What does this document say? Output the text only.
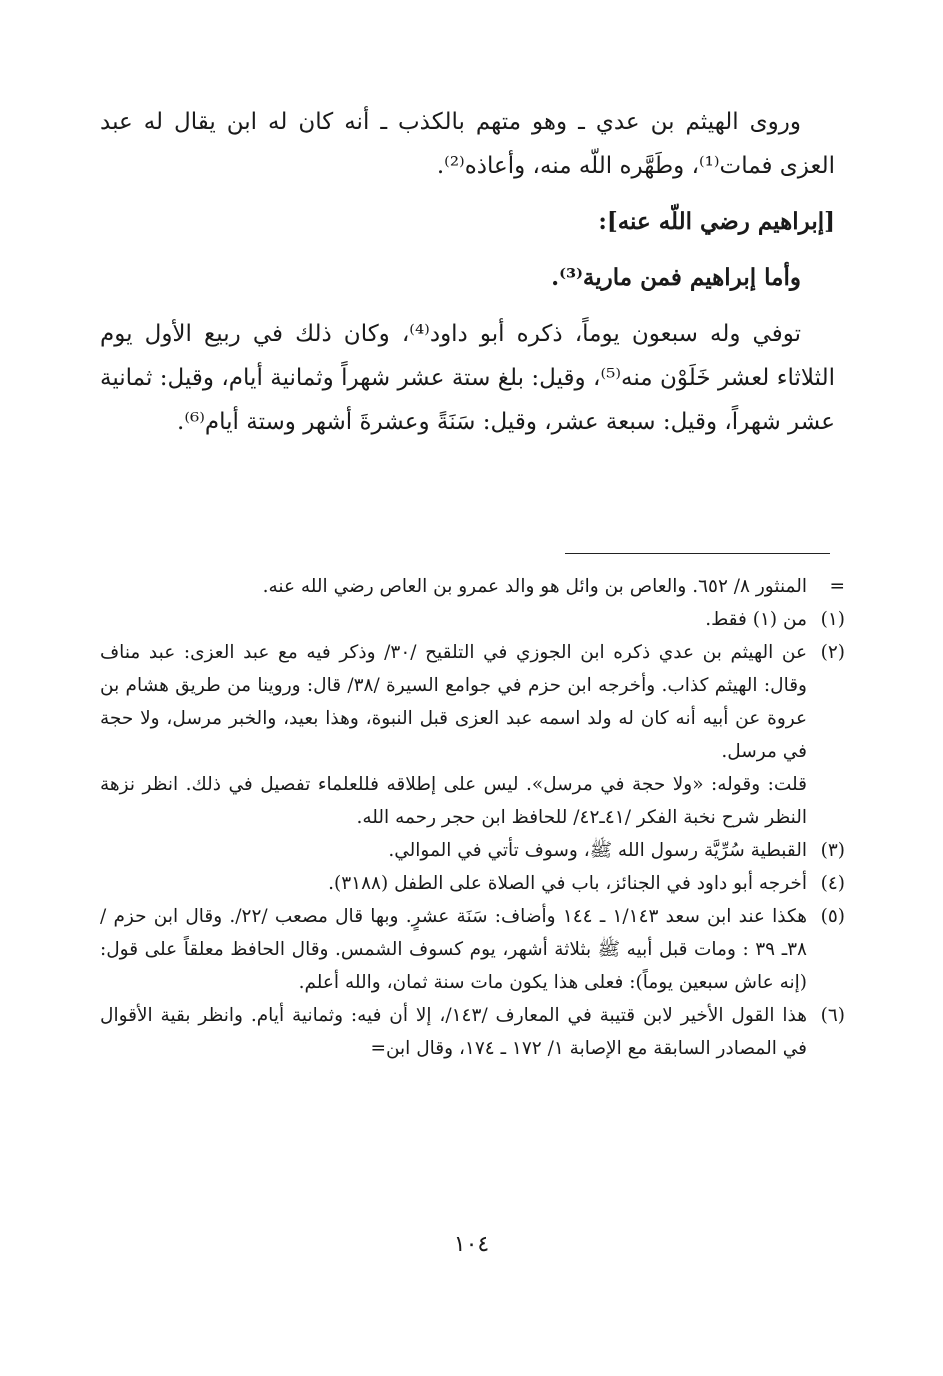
وروى الهيثم بن عدي ـ وهو متهم بالكذب ـ أنه كان له ابن يقال له عبد العزى فمات⁽¹⁾، وطَهَّره اللّه منه، وأعاذه⁽²⁾.

[إبراهيم رضي اللّه عنه]:

وأما إبراهيم فمن مارية⁽³⁾.

توفي وله سبعون يوماً، ذكره أبو داود⁽⁴⁾، وكان ذلك في ربيع الأول يوم الثلاثاء لعشر خَلَوْن منه⁽⁵⁾، وقيل: بلغ ستة عشر شهراً وثمانية أيام، وقيل: ثمانية عشر شهراً، وقيل: سبعة عشر، وقيل: سَنَةً وعشرةَ أشهر وستة أيام⁽⁶⁾.

=

المنثور ٨/ ٦٥٢. والعاص بن وائل هو والد عمرو بن العاص رضي الله عنه.

(١)

من (١) فقط.

(٢)

عن الهيثم بن عدي ذكره ابن الجوزي في التلقيح /٣٠/ وذكر فيه مع عبد العزى: عبد مناف وقال: الهيثم كذاب. وأخرجه ابن حزم في جوامع السيرة /٣٨/ قال: وروينا من طريق هشام بن عروة عن أبيه أنه كان له ولد اسمه عبد العزى قبل النبوة، وهذا بعيد، والخبر مرسل، ولا حجة في مرسل.

قلت: وقوله: «ولا حجة في مرسل». ليس على إطلاقه فللعلماء تفصيل في ذلك. انظر نزهة النظر شرح نخبة الفكر /٤١ـ٤٢/ للحافظ ابن حجر رحمه الله.

(٣)

القبطية سُرِّيَّة رسول الله ﷺ، وسوف تأتي في الموالي.

(٤)

أخرجه أبو داود في الجنائز، باب في الصلاة على الطفل (٣١٨٨).

(٥)

هكذا عند ابن سعد ١/١٤٣ ـ ١٤٤ وأضاف: سَنَة عشرٍ. وبها قال مصعب /٢٢/. وقال ابن حزم /٣٨ـ ٣٩ : ومات قبل أبيه ﷺ بثلاثة أشهر، يوم كسوف الشمس. وقال الحافظ معلقاً على قول: (إنه عاش سبعين يوماً): فعلى هذا يكون مات سنة ثمان، والله أعلم.

(٦)

هذا القول الأخير لابن قتيبة في المعارف /١٤٣/، إلا أن فيه: وثمانية أيام. وانظر بقية الأقوال في المصادر السابقة مع الإصابة ١/ ١٧٢ ـ ١٧٤، وقال ابن=

١٠٤
